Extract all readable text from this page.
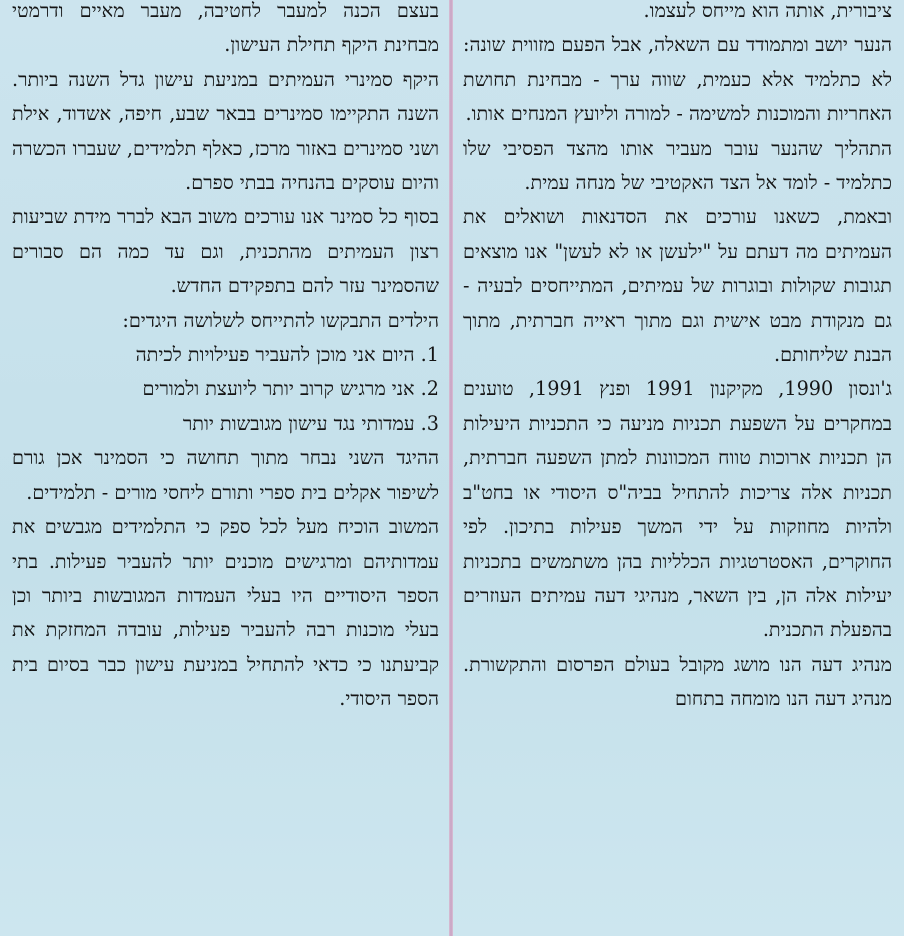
ציבורית, אותה הוא מייחס לעצמו.

הנער יושב ומתמודד עם השאלה, אבל הפעם מזווית שונה: לא כתלמיד אלא כעמית, שווה ערך - מבחינת תחושת האחריות והמוכנות למשימה - למורה וליועץ המנחים אותו.

התהליך שהנער עובר מעביר אותו מהצד הפסיבי שלו כתלמיד - לומד אל הצד האקטיבי של מנחה עמית.

ובאמת, כשאנו עורכים את הסדנאות ושואלים את העמיתים מה דעתם על "ילעשן או לא לעשן" אנו מוצאים תגובות שקולות ובוגרות של עמיתים, המתייחסים לבעיה -גם מנקודת מבט אישית וגם מתוך ראייה חברתית, מתוך הבנת שליחותם.

ג'ונסון 1990, מקיקנון 1991 ופנץ 1991, טוענים במחקרים על השפעת תכניות מניעה כי התכניות היעילות הן תכניות ארוכות טווח המכוונות למתן השפעה חברתית, תכניות אלה צריכות להתחיל בביה"ס היסודי או בחט"ב ולהיות מחוזקות על ידי המשך פעילות בתיכון. לפי החוקרים, האסטרטגיות הכלליות בהן משתמשים בתכניות יעילות אלה הן, בין השאר, מנהיגי דעה עמיתים העוזרים בהפעלת התכנית.

מנהיג דעה הנו מושג מקובל בעולם הפרסום והתקשורת. מנהיג דעה הנו מומחה בתחום

בעצם הכנה למעבר לחטיבה, מעבר מאיים ודרמטי מבחינת היקף תחילת העישון.

היקף סמינרי העמיתים במניעת עישון גדל השנה ביותר. השנה התקיימו סמינרים בבאר שבע, חיפה, אשדוד, אילת ושני סמינרים באזור מרכז, כאלף תלמידים, שעברו הכשרה והיום עוסקים בהנחיה בבתי ספרם.

בסוף כל סמינר אנו עורכים משוב הבא לברר מידת שביעות רצון העמיתים מהתכנית, וגם עד כמה הם סבורים שהסמינר עזר להם בתפקידם החדש.

הילדים התבקשו להתייחס לשלושה היגדים:

1. היום אני מוכן להעביר פעילויות לכיתה

2. אני מרגיש קרוב יותר ליועצת ולמורים

3. עמדותי נגד עישון מגובשות יותר

ההיגד השני נבחר מתוך תחושה כי הסמינר אכן גורם לשיפור אקלים בית ספרי ותורם ליחסי מורים - תלמידים.

המשוב הוכיח מעל לכל ספק כי התלמידים מגבשים את עמדותיהם ומרגישים מוכנים יותר להעביר פעילות. בתי הספר היסודיים היו בעלי העמדות המגובשות ביותר וכן בעלי מוכנות רבה להעביר פעילות, עובדה המחזקת את קביעתנו כי כדאי להתחיל במניעת עישון כבר בסיום בית הספר היסודי.
